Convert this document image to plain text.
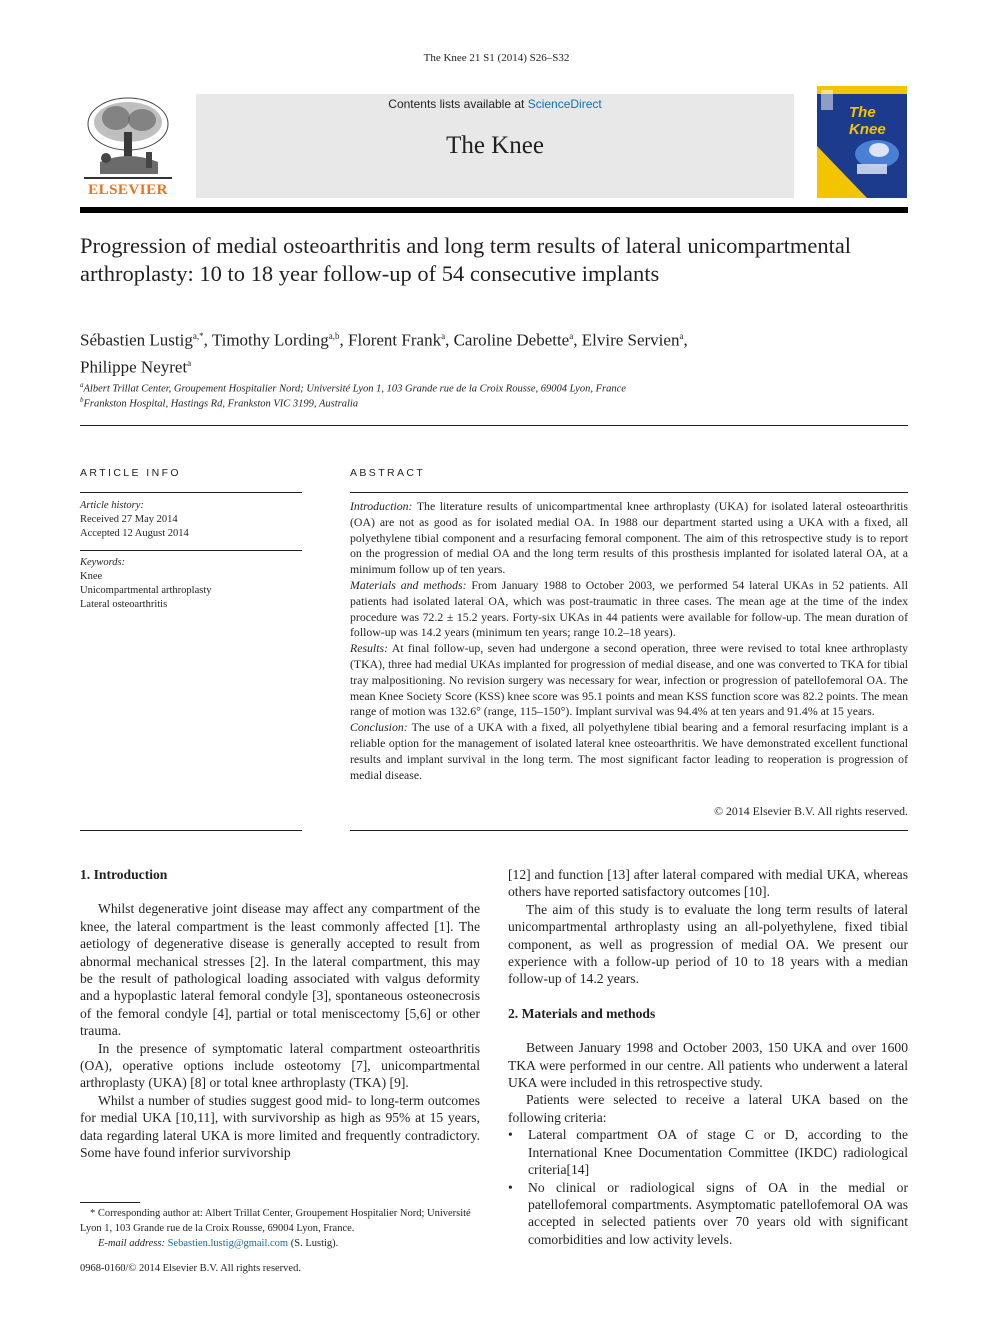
The Knee 21 S1 (2014) S26–S32
ELSEVIER
Contents lists available at ScienceDirect
The Knee
The Knee
Progression of medial osteoarthritis and long term results of lateral unicompartmental arthroplasty: 10 to 18 year follow-up of 54 consecutive implants
Sébastien Lustig$^{a,*}$, Timothy Lording$^{a,b}$, Florent Frank$^a$, Caroline Debette$^a$, Elvire Servien$^a$,
Philippe Neyret$^a$
$^a$Albert Trillat Center, Groupement Hospitalier Nord; Université Lyon 1, 103 Grande rue de la Croix Rousse, 69004 Lyon, France
$^b$Frankston Hospital, Hastings Rd, Frankston VIC 3199, Australia
ARTICLE INFO
Article history:
Received 27 May 2014
Accepted 12 August 2014
Keywords:
Knee
Unicompartmental arthroplasty
Lateral osteoarthritis
ABSTRACT
Introduction: The literature results of unicompartmental knee arthroplasty (UKA) for isolated lateral osteoarthritis (OA) are not as good as for isolated medial OA. In 1988 our department started using a UKA with a fixed, all polyethylene tibial component and a resurfacing femoral component. The aim of this retrospective study is to report on the progression of medial OA and the long term results of this prosthesis implanted for isolated lateral OA, at a minimum follow up of ten years.
Materials and methods: From January 1988 to October 2003, we performed 54 lateral UKAs in 52 patients. All patients had isolated lateral OA, which was post-traumatic in three cases. The mean age at the time of the index procedure was 72.2 ± 15.2 years. Forty-six UKAs in 44 patients were available for follow-up. The mean duration of follow-up was 14.2 years (minimum ten years; range 10.2–18 years).
Results: At final follow-up, seven had undergone a second operation, three were revised to total knee arthroplasty (TKA), three had medial UKAs implanted for progression of medial disease, and one was converted to TKA for tibial tray malpositioning. No revision surgery was necessary for wear, infection or progression of patellofemoral OA. The mean Knee Society Score (KSS) knee score was 95.1 points and mean KSS function score was 82.2 points. The mean range of motion was 132.6° (range, 115–150°). Implant survival was 94.4% at ten years and 91.4% at 15 years.
Conclusion: The use of a UKA with a fixed, all polyethylene tibial bearing and a femoral resurfacing implant is a reliable option for the management of isolated lateral knee osteoarthritis. We have demonstrated excellent functional results and implant survival in the long term. The most significant factor leading to reoperation is progression of medial disease.
© 2014 Elsevier B.V. All rights reserved.
1. Introduction

Whilst degenerative joint disease may affect any compartment of the knee, the lateral compartment is the least commonly affected [1]. The aetiology of degenerative disease is generally accepted to result from abnormal mechanical stresses [2]. In the lateral compartment, this may be the result of pathological loading associated with valgus deformity and a hypoplastic lateral femoral condyle [3], spontaneous osteonecrosis of the femoral condyle [4], partial or total meniscectomy [5,6] or other trauma.

In the presence of symptomatic lateral compartment osteoarthritis (OA), operative options include osteotomy [7], unicompartmental arthroplasty (UKA) [8] or total knee arthroplasty (TKA) [9].

Whilst a number of studies suggest good mid- to long-term outcomes for medial UKA [10,11], with survivorship as high as 95% at 15 years, data regarding lateral UKA is more limited and frequently contradictory. Some have found inferior survivorship

[12] and function [13] after lateral compared with medial UKA, whereas others have reported satisfactory outcomes [10].

The aim of this study is to evaluate the long term results of lateral unicompartmental arthroplasty using an all-polyethylene, fixed tibial component, as well as progression of medial OA. We present our experience with a follow-up period of 10 to 18 years with a median follow-up of 14.2 years.

2. Materials and methods

Between January 1998 and October 2003, 150 UKA and over 1600 TKA were performed in our centre. All patients who underwent a lateral UKA were included in this retrospective study.

Patients were selected to receive a lateral UKA based on the following criteria:

• Lateral compartment OA of stage C or D, according to the International Knee Documentation Committee (IKDC) radiological criteria[14]
• No clinical or radiological signs of OA in the medial or patellofemoral compartments. Asymptomatic patellofemoral OA was accepted in selected patients over 70 years old with significant comorbidities and low activity levels.
* Corresponding author at: Albert Trillat Center, Groupement Hospitalier Nord; Université Lyon 1, 103 Grande rue de la Croix Rousse, 69004 Lyon, France.
E-mail address: Sebastien.lustig@gmail.com (S. Lustig).
0968-0160/© 2014 Elsevier B.V. All rights reserved.
